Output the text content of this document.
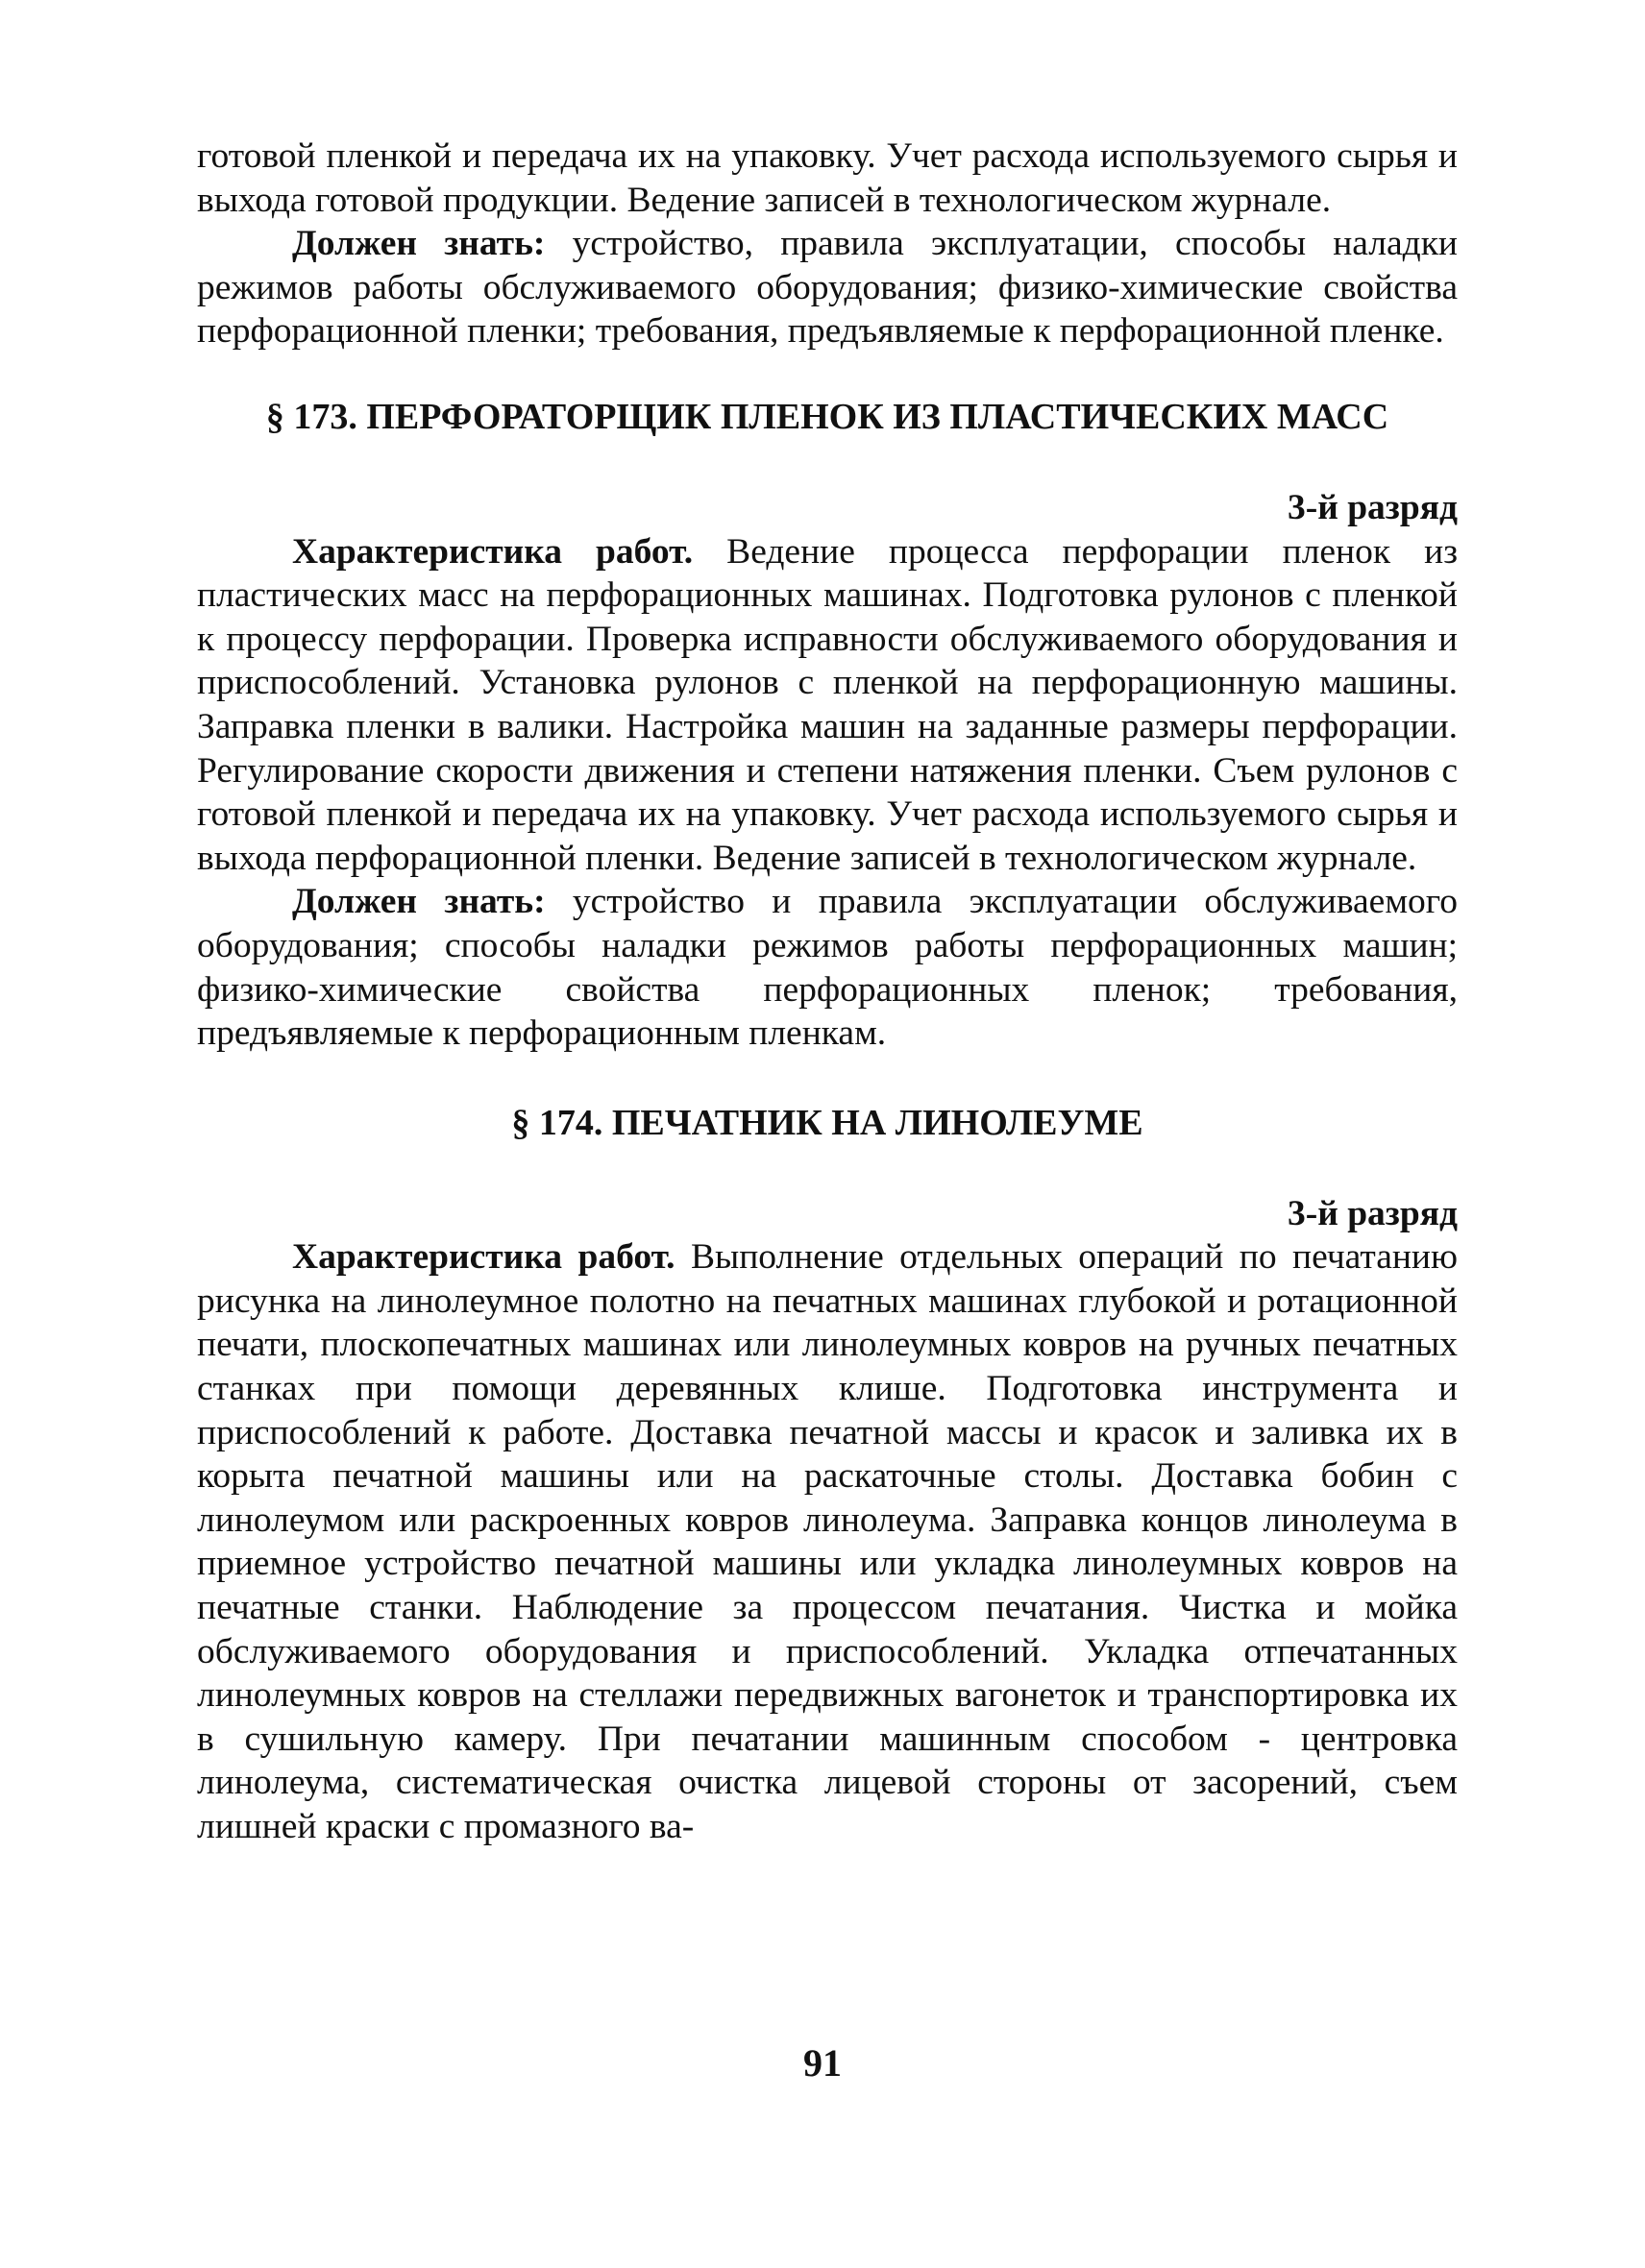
готовой пленкой и передача их на упаковку. Учет расхода используемого сырья и выхода готовой продукции. Ведение записей в технологическом журнале.

Должен знать: устройство, правила эксплуатации, способы наладки режимов работы обслуживаемого оборудования; физико-химические свойства перфорационной пленки; требования, предъявляемые к перфорационной пленке.

§ 173. ПЕРФОРАТОРЩИК ПЛЕНОК ИЗ ПЛАСТИЧЕСКИХ МАСС
3-й разряд

Характеристика работ. Ведение процесса перфорации пленок из пластических масс на перфорационных машинах. Подготовка рулонов с пленкой к процессу перфорации. Проверка исправности обслуживаемого оборудования и приспособлений. Установка рулонов с пленкой на перфорационную машины. Заправка пленки в валики. Настройка машин на заданные размеры перфорации. Регулирование скорости движения и степени натяжения пленки. Съем рулонов с готовой пленкой и передача их на упаковку. Учет расхода используемого сырья и выхода перфорационной пленки. Ведение записей в технологическом журнале.

Должен знать: устройство и правила эксплуатации обслуживаемого оборудования; способы наладки режимов работы перфорационных машин; физико-химические свойства перфорационных пленок; требования, предъявляемые к перфорационным пленкам.

§ 174. ПЕЧАТНИК НА ЛИНОЛЕУМЕ
3-й разряд

Характеристика работ. Выполнение отдельных операций по печатанию рисунка на линолеумное полотно на печатных машинах глубокой и ротационной печати, плоскопечатных машинах или линолеумных ковров на ручных печатных станках при помощи деревянных клише. Подготовка инструмента и приспособлений к работе. Доставка печатной массы и красок и заливка их в корыта печатной машины или на раскаточные столы. Доставка бобин с линолеумом или раскроенных ковров линолеума. Заправка концов линолеума в приемное устройство печатной машины или укладка линолеумных ковров на печатные станки. Наблюдение за процессом печатания. Чистка и мойка обслуживаемого оборудования и приспособлений. Укладка отпечатанных линолеумных ковров на стеллажи передвижных вагонеток и транспортировка их в сушильную камеру. При печатании машинным способом - центровка линолеума, систематическая очистка лицевой стороны от засорений, съем лишней краски с промазного ва-

91
